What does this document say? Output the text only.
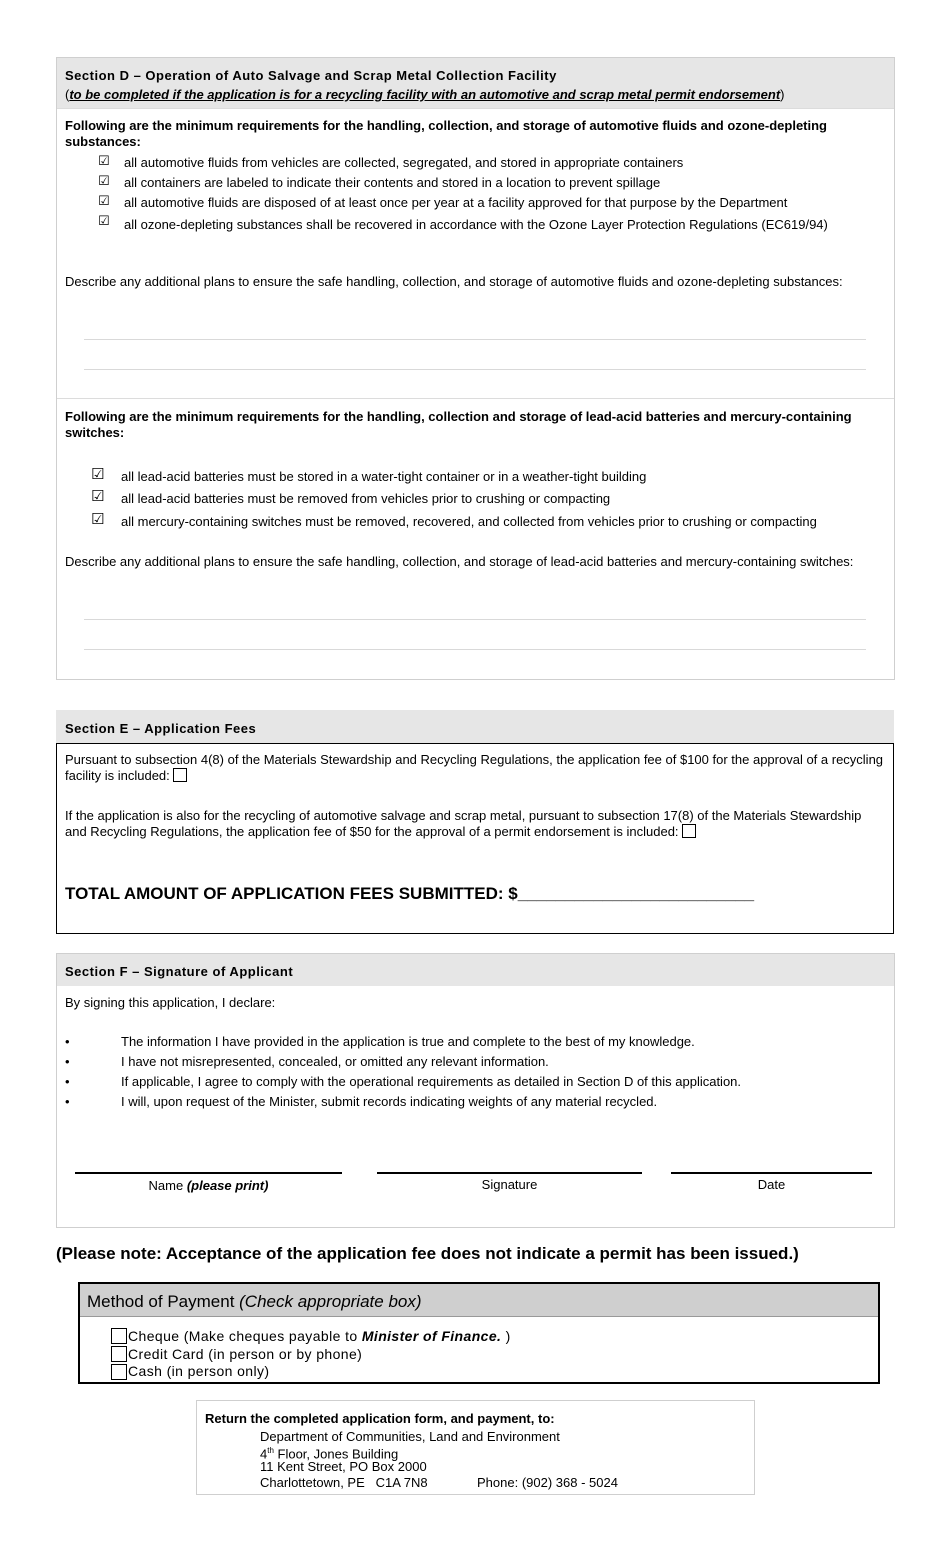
Section D – Operation of Auto Salvage and Scrap Metal Collection Facility
(to be completed if the application is for a recycling facility with an automotive and scrap metal permit endorsement)
Following are the minimum requirements for the handling, collection, and storage of automotive fluids and ozone-depleting substances:
☑ all automotive fluids from vehicles are collected, segregated, and stored in appropriate containers
☑ all containers are labeled to indicate their contents and stored in a location to prevent spillage
☑ all automotive fluids are disposed of at least once per year at a facility approved for that purpose by the Department
☑ all ozone-depleting substances shall be recovered in accordance with the Ozone Layer Protection Regulations (EC619/94)
Describe any additional plans to ensure the safe handling, collection, and storage of automotive fluids and ozone-depleting substances:
Following are the minimum requirements for the handling, collection and storage of lead-acid batteries and mercury-containing switches:
☑ all lead-acid batteries must be stored in a water-tight container or in a weather-tight building
☑ all lead-acid batteries must be removed from vehicles prior to crushing or compacting
☑ all mercury-containing switches must be removed, recovered, and collected from vehicles prior to crushing or compacting
Describe any additional plans to ensure the safe handling, collection, and storage of lead-acid batteries and mercury-containing switches:
Section E – Application Fees
Pursuant to subsection 4(8) of the Materials Stewardship and Recycling Regulations, the application fee of $100 for the approval of a recycling facility is included:
If the application is also for the recycling of automotive salvage and scrap metal, pursuant to subsection 17(8) of the Materials Stewardship and Recycling Regulations, the application fee of $50 for the approval of a permit endorsement is included:
TOTAL AMOUNT OF APPLICATION FEES SUBMITTED: $_________________________
Section F – Signature of Applicant
By signing this application, I declare:
•	The information I have provided in the application is true and complete to the best of my knowledge.
•	I have not misrepresented, concealed, or omitted any relevant information.
•	If applicable, I agree to comply with the operational requirements as detailed in Section D of this application.
•	I will, upon request of the Minister, submit records indicating weights of any material recycled.
Name (please print)	Signature	Date
(Please note: Acceptance of the application fee does not indicate a permit has been issued.)
Method of Payment (Check appropriate box)
Cheque (Make cheques payable to Minister of Finance. )
Credit Card (in person or by phone)
Cash (in person only)
Return the completed application form, and payment, to:
Department of Communities, Land and Environment
4th Floor, Jones Building
11 Kent Street, PO Box 2000
Charlottetown, PE   C1A 7N8	Phone: (902) 368 - 5024
